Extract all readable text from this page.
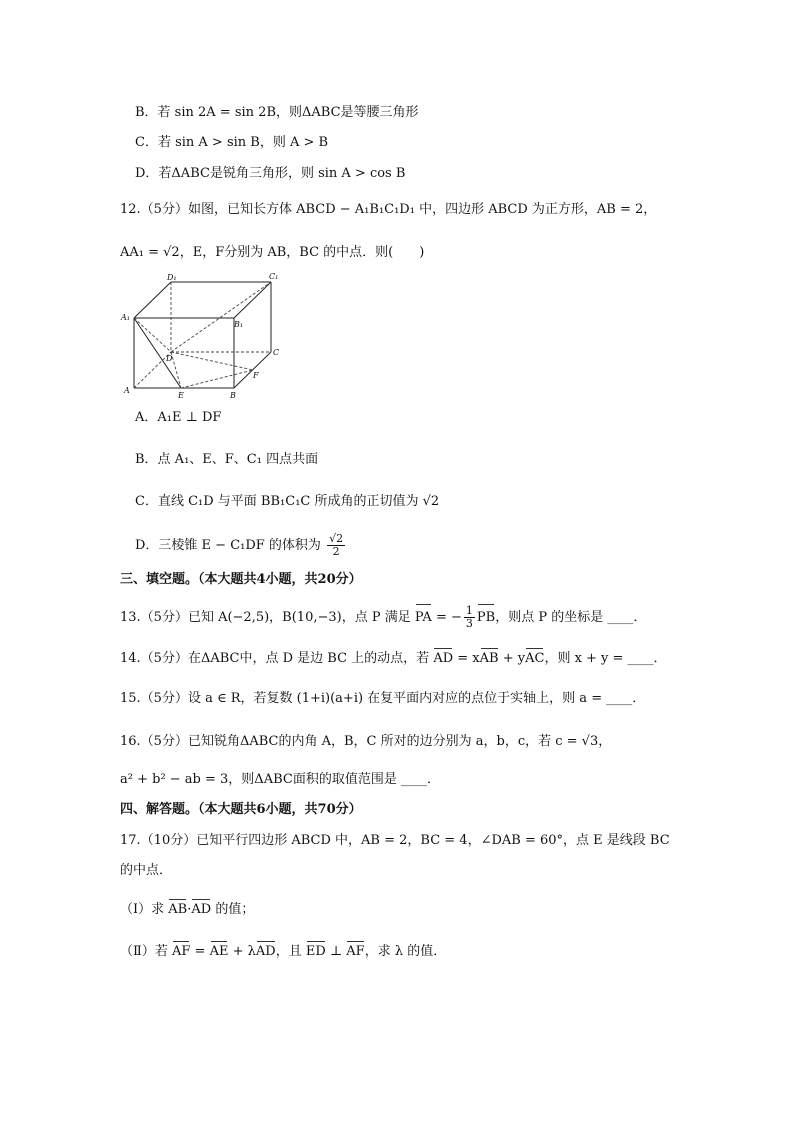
B．若 sin 2A = sin 2B，则ΔABC是等腰三角形
C．若 sin A > sin B，则 A > B
D．若ΔABC是锐角三角形，则 sin A > cos B
12.（5分）如图，已知长方体 ABCD − A₁B₁C₁D₁ 中，四边形 ABCD 为正方形，AB = 2，
AA₁ = √2，E，F分别为 AB，BC 的中点．则(　　)
D₁	C₁
A₁
B₁
D
C
F
A
E	B
A．A₁E ⊥ DF
B．点 A₁、E、F、C₁ 四点共面
C．直线 C₁D 与平面 BB₁C₁C 所成角的正切值为 √2
D．三棱锥 E − C₁DF 的体积为 $\frac{√2}{2}$
三、填空题。（本大题共4小题，共20分）
13.（5分）已知 A(−2,5)，B(10,−3)，点 P 满足 PA = − $\frac{1}{3}$ PB，则点 P 的坐标是 ____．
14.（5分）在ΔABC中，点 D 是边 BC 上的动点，若 AD = xAB + yAC，则 x + y = ____．
15.（5分）设 a ∈ R，若复数 (1+i)(a+i) 在复平面内对应的点位于实轴上，则 a = ____．
16.（5分）已知锐角ΔABC的内角 A，B，C 所对的边分别为 a，b，c，若 c = √3，
a² + b² − ab = 3，则ΔABC面积的取值范围是 ____．
四、解答题。（本大题共6小题，共70分）
17.（10分）已知平行四边形 ABCD 中，AB = 2，BC = 4，∠DAB = 60°，点 E 是线段 BC
的中点．
（Ⅰ）求 AB·AD 的值；
（Ⅱ）若 AF = AE + λAD，且 ED ⊥ AF，求 λ 的值．
